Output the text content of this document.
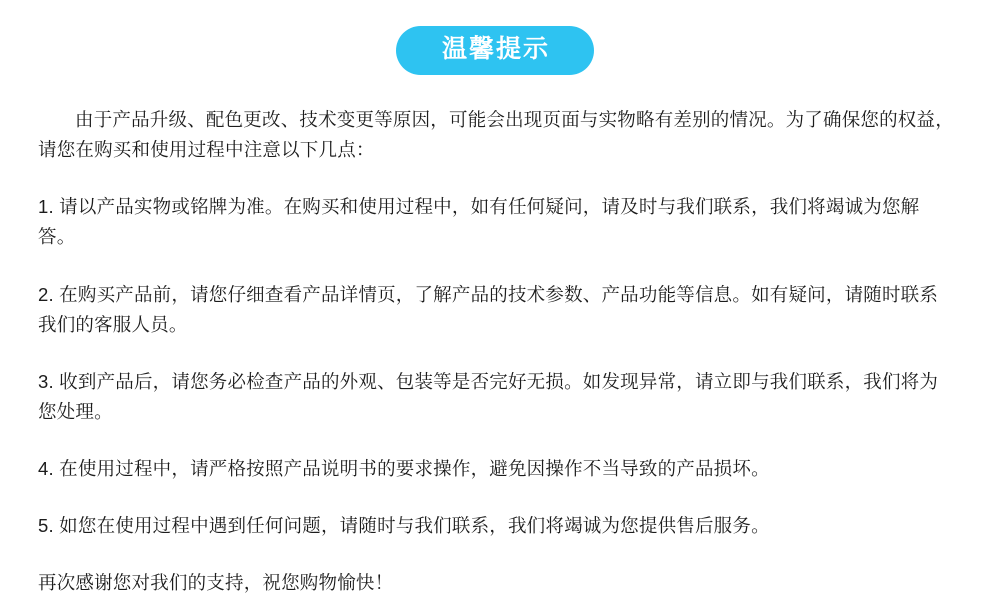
温馨提示

由于产品升级、配色更改、技术变更等原因，可能会出现页面与实物略有差别的情况。为了确保您的权益，请您在购买和使用过程中注意以下几点：

1. 请以产品实物或铭牌为准。在购买和使用过程中，如有任何疑问，请及时与我们联系，我们将竭诚为您解答。

2. 在购买产品前，请您仔细查看产品详情页，了解产品的技术参数、产品功能等信息。如有疑问，请随时联系我们的客服人员。

3. 收到产品后，请您务必检查产品的外观、包装等是否完好无损。如发现异常，请立即与我们联系，我们将为您处理。

4. 在使用过程中，请严格按照产品说明书的要求操作，避免因操作不当导致的产品损坏。

5. 如您在使用过程中遇到任何问题，请随时与我们联系，我们将竭诚为您提供售后服务。

再次感谢您对我们的支持，祝您购物愉快！
